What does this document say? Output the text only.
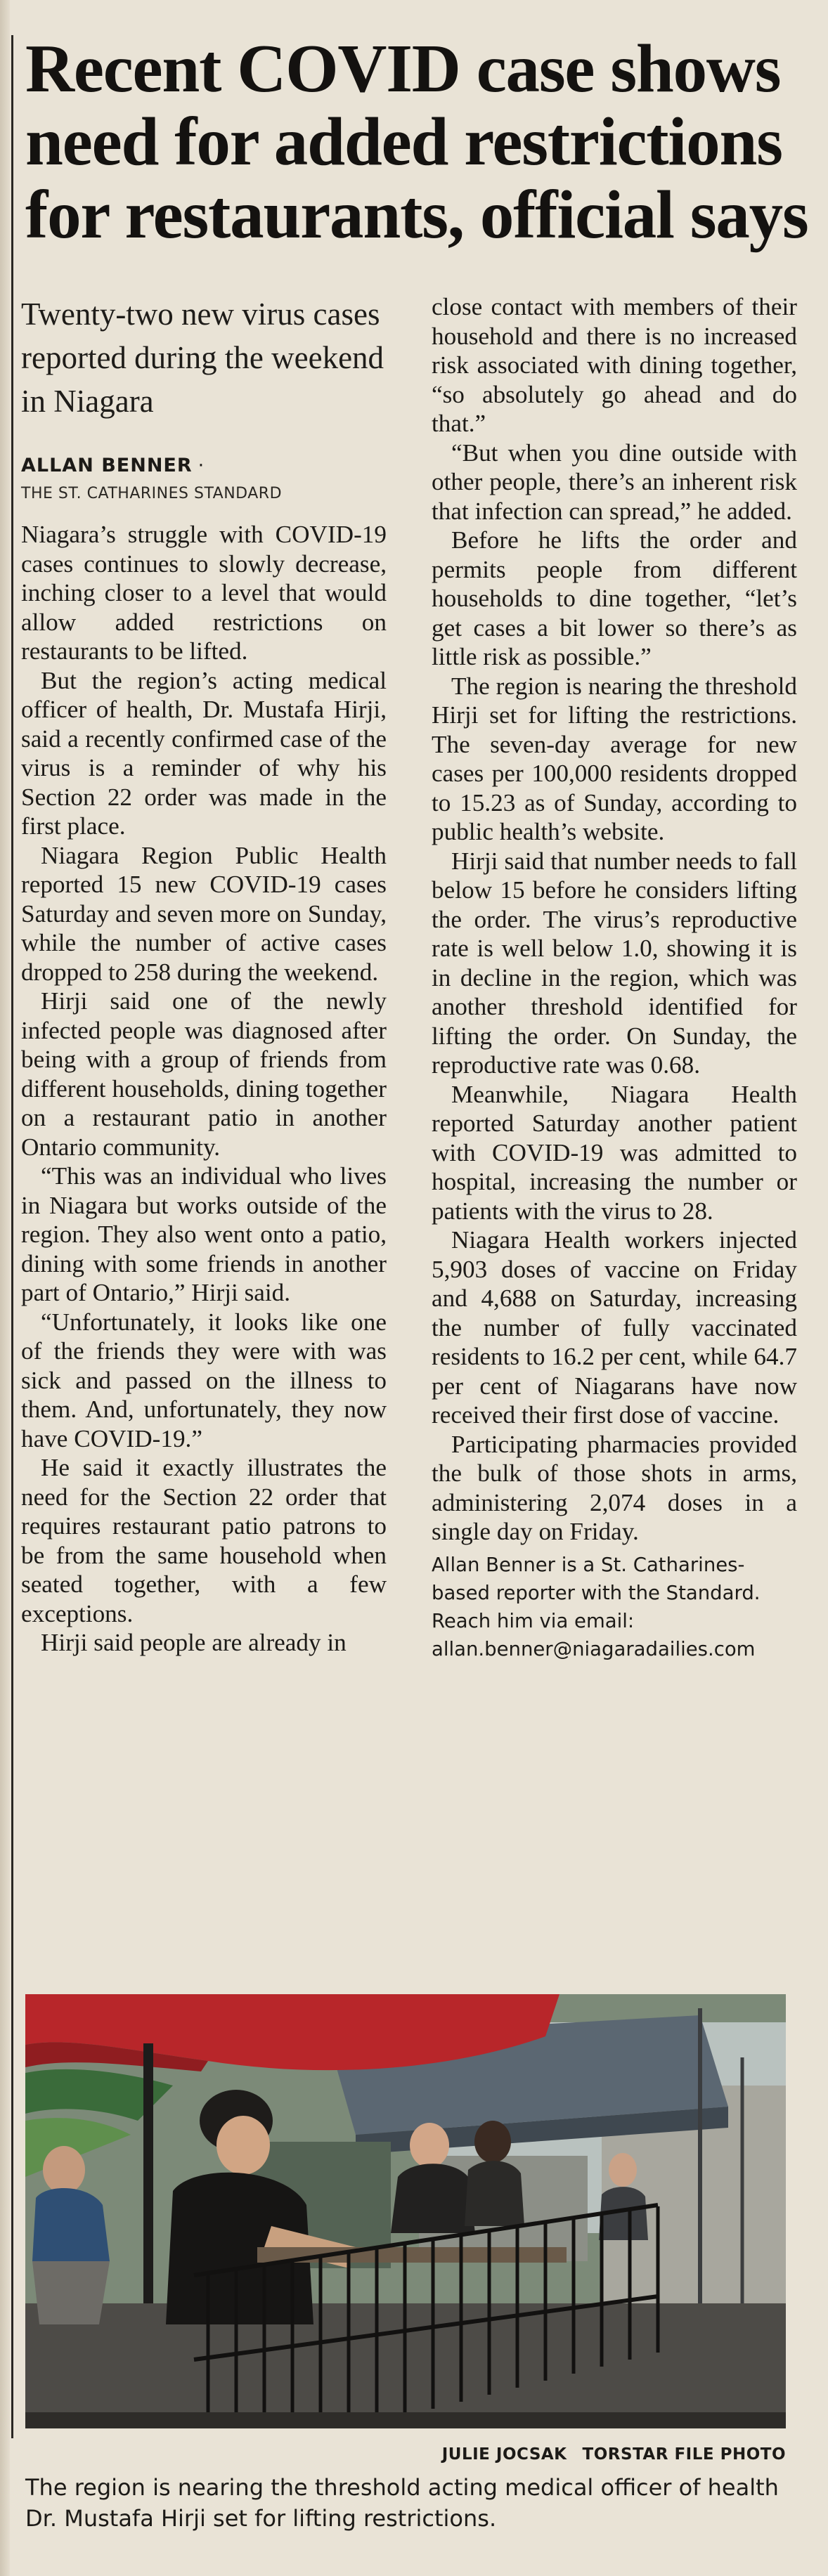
Recent COVID case shows need for added restrictions for restaurants, official says
Twenty-two new virus cases reported during the weekend in Niagara
ALLAN BENNER ·
THE ST. CATHARINES STANDARD

Niagara’s struggle with COVID-19 cases continues to slowly decrease, inching closer to a level that would allow added restrictions on restaurants to be lifted.

But the region’s acting medical officer of health, Dr. Mustafa Hirji, said a recently confirmed case of the virus is a reminder of why his Section 22 order was made in the first place.

Niagara Region Public Health reported 15 new COVID-19 cases Saturday and seven more on Sunday, while the number of active cases dropped to 258 during the weekend.

Hirji said one of the newly infected people was diagnosed after being with a group of friends from different households, dining together on a restaurant patio in another Ontario community.

“This was an individual who lives in Niagara but works outside of the region. They also went onto a patio, dining with some friends in another part of Ontario,” Hirji said.

“Unfortunately, it looks like one of the friends they were with was sick and passed on the illness to them. And, unfortunately, they now have COVID-19.”

He said it exactly illustrates the need for the Section 22 order that requires restaurant patio patrons to be from the same household when seated together, with a few exceptions.

Hirji said people are already in

close contact with members of their household and there is no increased risk associated with dining together, “so absolutely go ahead and do that.”

“But when you dine outside with other people, there’s an inherent risk that infection can spread,” he added.

Before he lifts the order and permits people from different households to dine together, “let’s get cases a bit lower so there’s as little risk as possible.”

The region is nearing the threshold Hirji set for lifting the restrictions. The seven-day average for new cases per 100,000 residents dropped to 15.23 as of Sunday, according to public health’s website.

Hirji said that number needs to fall below 15 before he considers lifting the order. The virus’s reproductive rate is well below 1.0, showing it is in decline in the region, which was another threshold identified for lifting the order. On Sunday, the reproductive rate was 0.68.

Meanwhile, Niagara Health reported Saturday another patient with COVID-19 was admitted to hospital, increasing the number or patients with the virus to 28.

Niagara Health workers injected 5,903 doses of vaccine on Friday and 4,688 on Saturday, increasing the number of fully vaccinated residents to 16.2 per cent, while 64.7 per cent of Niagarans have now received their first dose of vaccine.

Participating pharmacies provided the bulk of those shots in arms, administering 2,074 doses in a single day on Friday.

Allan Benner is a St. Catharines-based reporter with the Standard. Reach him via email: allan.benner@niagaradailies.com
JULIE JOCSAK TORSTAR FILE PHOTO
The region is nearing the threshold acting medical officer of health Dr. Mustafa Hirji set for lifting restrictions.
